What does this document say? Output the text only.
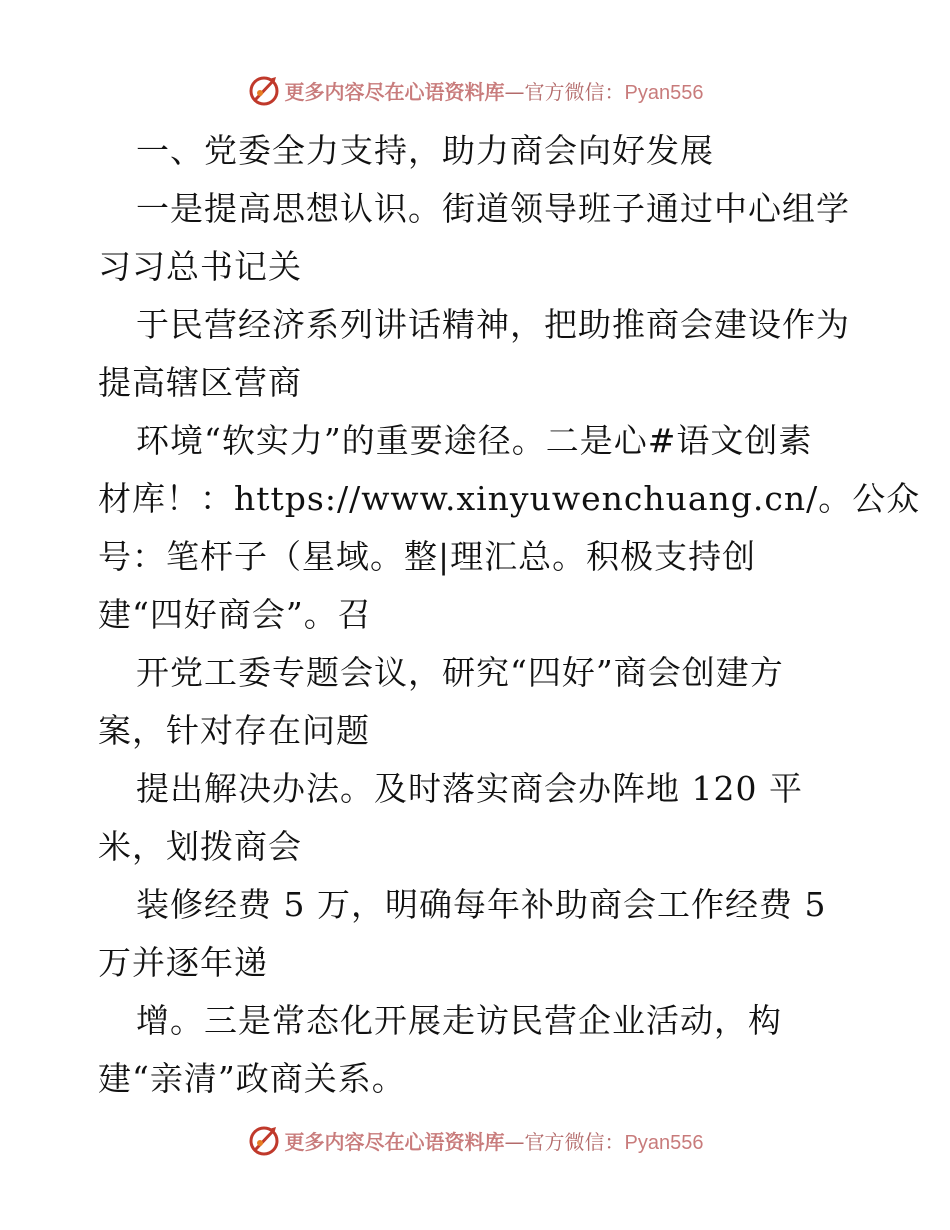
更多内容尽在心语资料库—官方微信：Pyan556
一、党委全力支持，助力商会向好发展
一是提高思想认识。街道领导班子通过中心组学
习习总书记关
于民营经济系列讲话精神，把助推商会建设作为
提高辖区营商
环境“软实力”的重要途径。二是心#语文创素
材库！：https://www.xinyuwenchuang.cn/。公众
号：笔杆子（星域。整|理汇总。积极支持创
建“四好商会”。召
开党工委专题会议，研究“四好”商会创建方
案，针对存在问题
提出解决办法。及时落实商会办阵地 120 平
米，划拨商会
装修经费 5 万，明确每年补助商会工作经费 5
万并逐年递
增。三是常态化开展走访民营企业活动，构
建“亲清”政商关系。
更多内容尽在心语资料库—官方微信：Pyan556
